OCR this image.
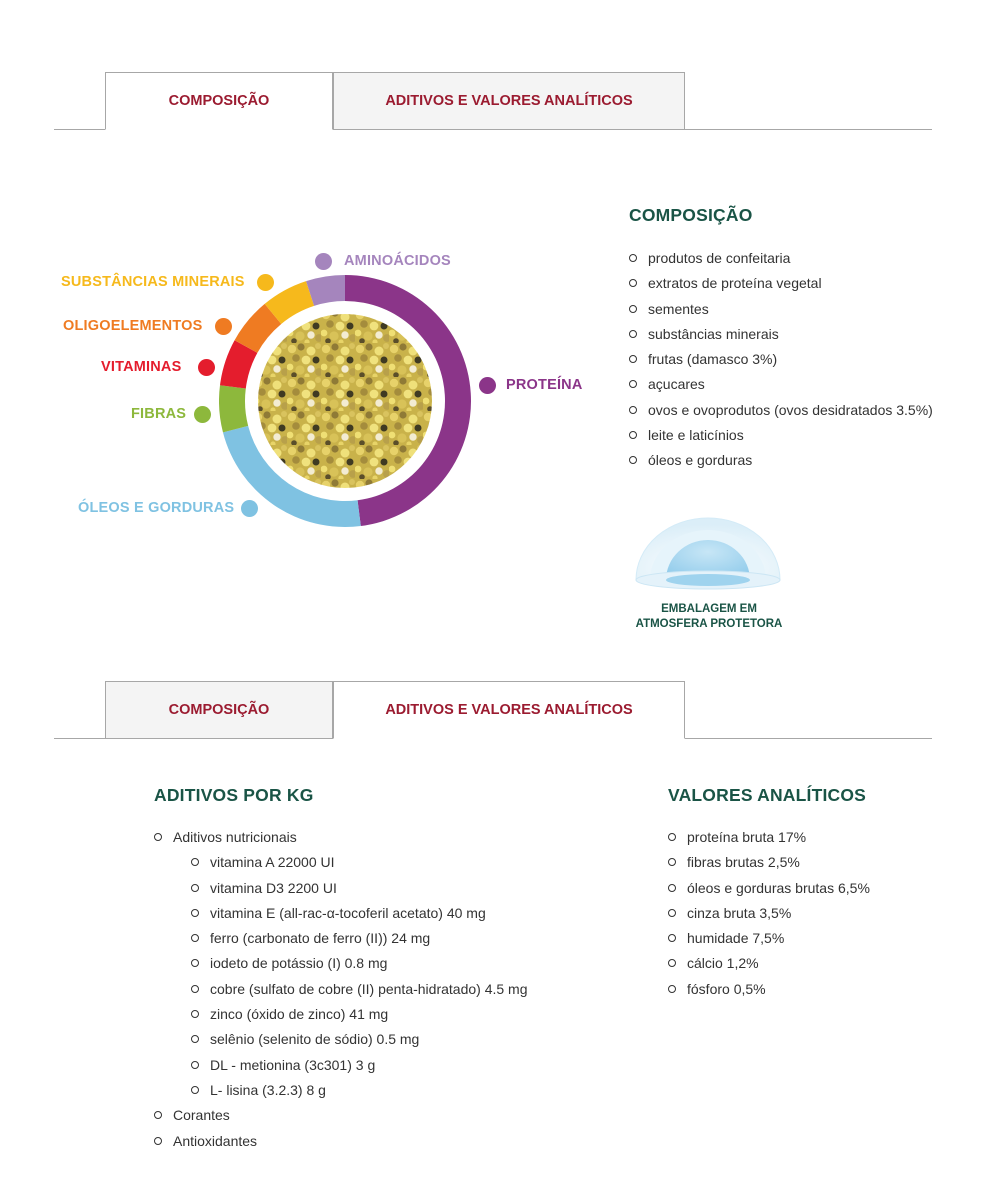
COMPOSIÇÃO	ADITIVOS E VALORES ANALÍTICOS
AMINOÁCIDOS
SUBSTÂNCIAS MINERAIS
OLIGOELEMENTOS
VITAMINAS
FIBRAS
ÓLEOS E GORDURAS
PROTEÍNA
COMPOSIÇÃO
produtos de confeitaria
extratos de proteína vegetal
sementes
substâncias minerais
frutas (damasco 3%)
açucares
ovos e ovoprodutos (ovos desidratados 3.5%)
leite e laticínios
óleos e gorduras
EMBALAGEM EM
ATMOSFERA PROTETORA
COMPOSIÇÃO	ADITIVOS E VALORES ANALÍTICOS
ADITIVOS POR KG
Aditivos nutricionais
vitamina A 22000 UI
vitamina D3 2200 UI
vitamina E (all-rac-α-tocoferil acetato) 40 mg
ferro (carbonato de ferro (II)) 24 mg
iodeto de potássio (I) 0.8 mg
cobre (sulfato de cobre (II) penta-hidratado) 4.5 mg
zinco (óxido de zinco) 41 mg
selênio (selenito de sódio) 0.5 mg
DL - metionina (3c301) 3 g
L- lisina (3.2.3) 8 g
Corantes
Antioxidantes
VALORES ANALÍTICOS
proteína bruta 17%
fibras brutas 2,5%
óleos e gorduras brutas 6,5%
cinza bruta 3,5%
humidade 7,5%
cálcio 1,2%
fósforo 0,5%
